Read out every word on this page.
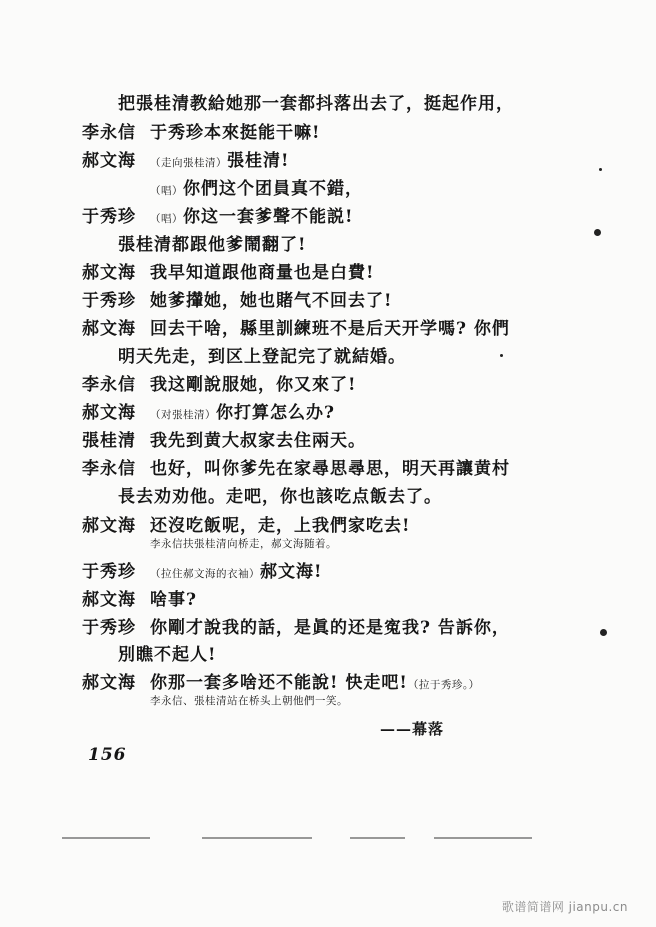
把張桂清教給她那一套都抖落出去了，挺起作用，
李永信 于秀珍本來挺能干嘛!
郝文海 （走向張桂清）張桂清!
（唱）你們这个团員真不錯，
于秀珍 （唱）你这一套爹聲不能説!
張桂清都跟他爹鬧翻了!
郝文海 我早知道跟他商量也是白費!
于秀珍 她爹攆她，她也賭气不回去了!
郝文海 回去干啥，縣里訓練班不是后天开学嗎? 你們
明天先走，到区上登記完了就結婚。
李永信 我这剛說服她，你又來了!
郝文海 （对張桂清）你打算怎么办?
張桂清 我先到黄大叔家去住兩天。
李永信 也好，叫你爹先在家尋思尋思，明天再讓黄村
長去劝劝他。走吧，你也該吃点飯去了。
郝文海 还沒吃飯呢，走，上我們家吃去!
李永信扶張桂清向桥走，郝文海随着。
于秀珍 （拉住郝文海的衣袖）郝文海!
郝文海 啥事?
于秀珍 你剛才說我的話，是眞的还是寃我? 告訴你，
別瞧不起人!
郝文海 你那一套多啥还不能說! 快走吧!（拉于秀珍。）
李永信、張桂清站在桥头上朝他們一笑。
——幕落
156
歌谱简谱网 jianpu.cn
